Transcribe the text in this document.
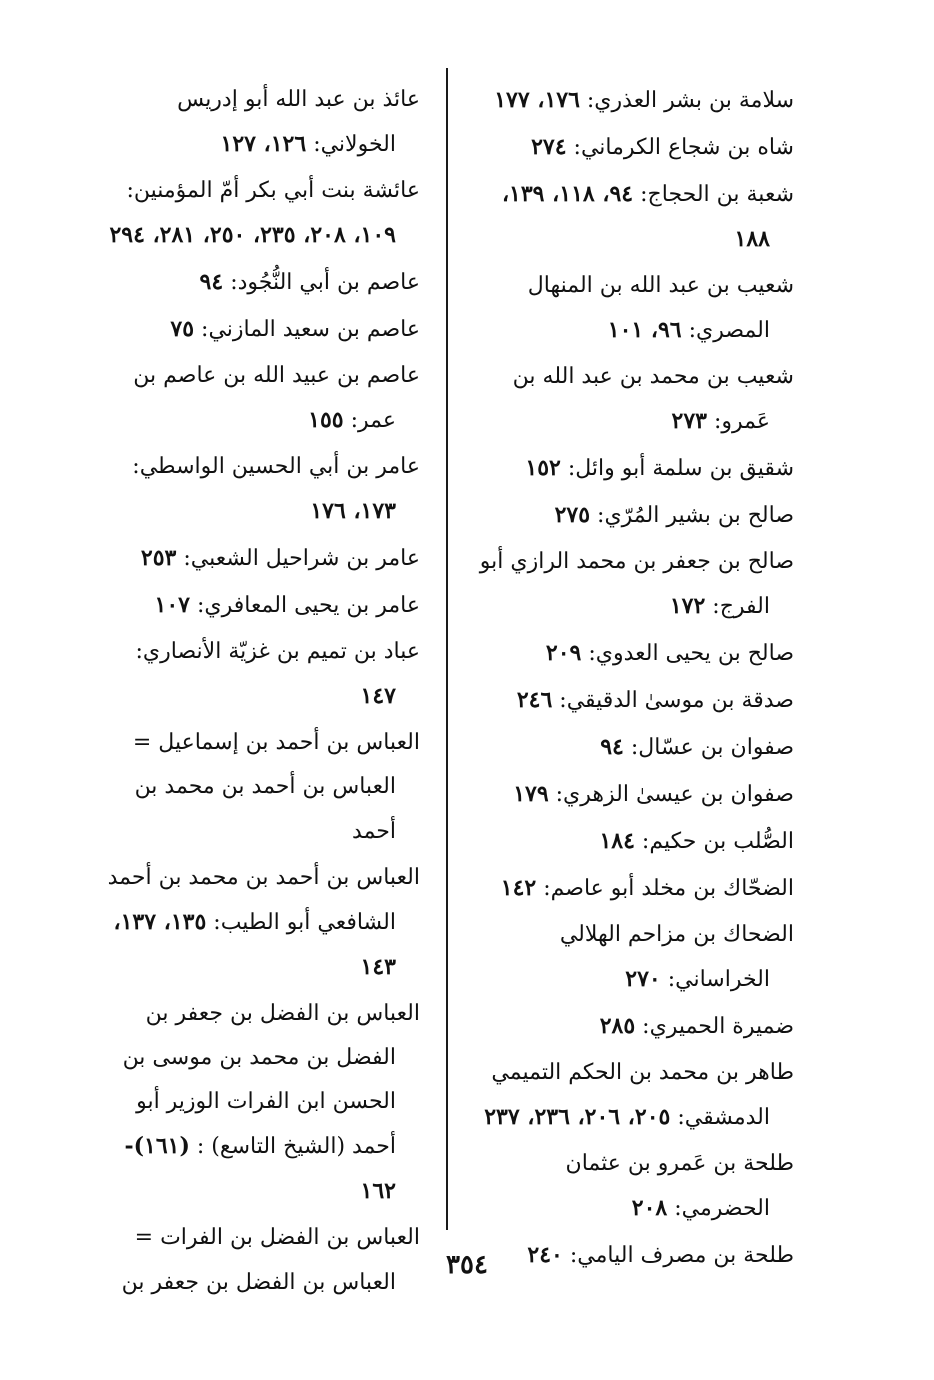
سلامة بن بشر العذري: ١٧٦، ١٧٧
شاه بن شجاع الكرماني: ٢٧٤
شعبة بن الحجاج: ٩٤، ١١٨، ١٣٩، ١٨٨
شعيب بن عبد الله بن المنهال المصري: ٩٦، ١٠١
شعيب بن محمد بن عبد الله بن عَمرو: ٢٧٣
شقيق بن سلمة أبو وائل: ١٥٢
صالح بن بشير المُرّي: ٢٧٥
صالح بن جعفر بن محمد الرازي أبو الفرج: ١٧٢
صالح بن يحيى العدوي: ٢٠٩
صدقة بن موسىٰ الدقيقي: ٢٤٦
صفوان بن عسّال: ٩٤
صفوان بن عيسىٰ الزهري: ١٧٩
الصُّلب بن حكيم: ١٨٤
الضحّاك بن مخلد أبو عاصم: ١٤٢
الضحاك بن مزاحم الهلالي الخراساني: ٢٧٠
ضميرة الحميري: ٢٨٥
طاهر بن محمد بن الحكم التميمي الدمشقي: ٢٠٥، ٢٠٦، ٢٣٦، ٢٣٧
طلحة بن عَمرو بن عثمان الحضرمي: ٢٠٨
طلحة بن مصرف اليامي: ٢٤٠
عائذ بن عبد الله أبو إدريس الخولاني: ١٢٦، ١٢٧
عائشة بنت أبي بكر أمّ المؤمنين: ١٠٩، ٢٠٨، ٢٣٥، ٢٥٠، ٢٨١، ٢٩٤
عاصم بن أبي النُّجُود: ٩٤
عاصم بن سعيد المازني: ٧٥
عاصم بن عبيد الله بن عاصم بن عمر: ١٥٥
عامر بن أبي الحسين الواسطي: ١٧٣، ١٧٦
عامر بن شراحيل الشعبي: ٢٥٣
عامر بن يحيى المعافري: ١٠٧
عباد بن تميم بن غزيّة الأنصاري: ١٤٧
العباس بن أحمد بن إسماعيل = العباس بن أحمد بن محمد بن أحمد
العباس بن أحمد بن محمد بن أحمد الشافعي أبو الطيب: ١٣٥، ١٣٧، ١٤٣
العباس بن الفضل بن جعفر بن الفضل بن محمد بن موسى بن الحسن ابن الفرات الوزير أبو أحمد (الشيخ التاسع) : (١٦١)- ١٦٢
العباس بن الفضل بن الفرات = العباس بن الفضل بن جعفر بن
٣٥٤
